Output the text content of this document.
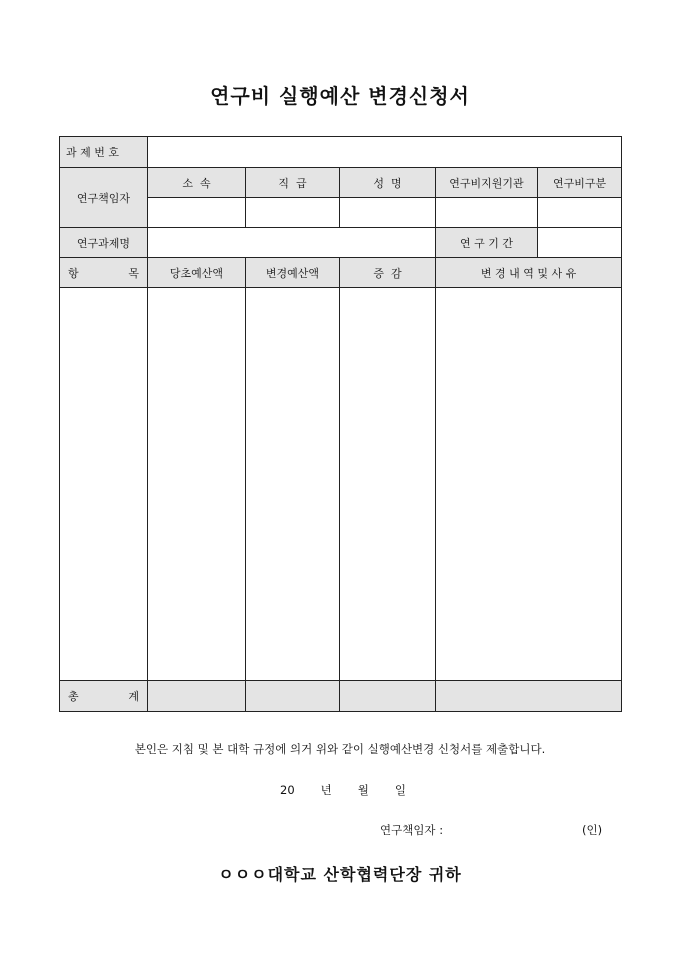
연구비 실행예산 변경신청서
과 제 번 호					
연구책임자	소  속	직  급	성  명	연구비지원기관	연구비구분

연구과제명				연 구 기 간	

항 목	당초예산액	변경예산액	증  감	변 경 내 역 및 사 유	

총 계					

본인은 지침 및 본 대학 규정에 의거 위와 같이 실행예산변경 신청서를 제출합니다.
20 년 월 일
연구책임자 :	(인)
ㅇㅇㅇ대학교 산학협력단장 귀하
